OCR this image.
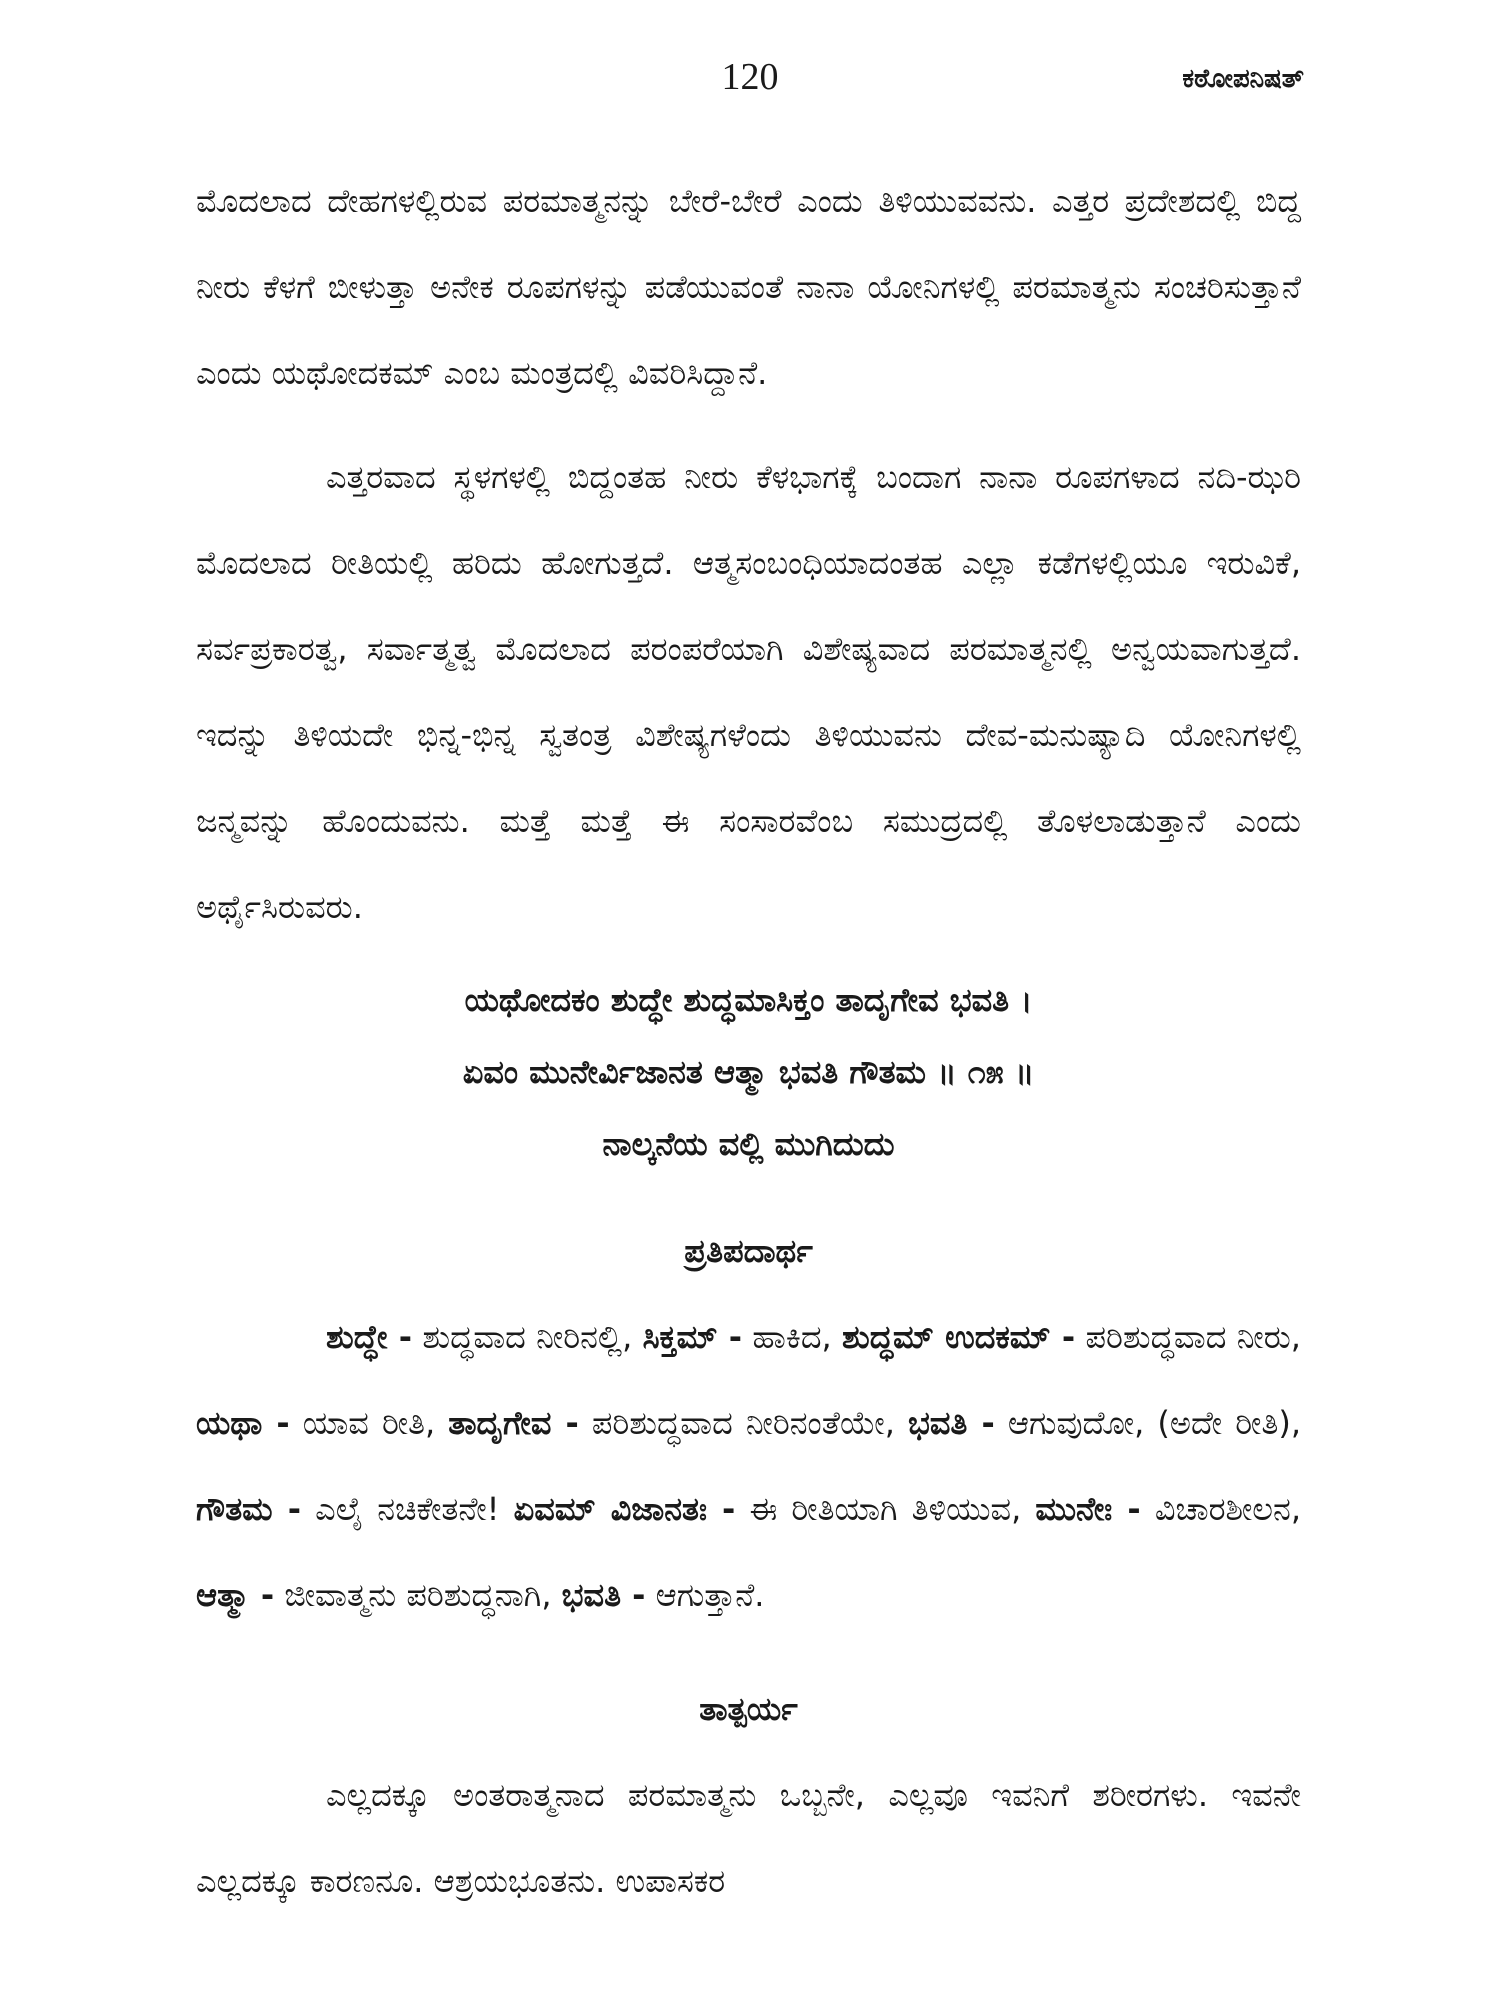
120	ಕಠೋಪನಿಷತ್

ಮೊದಲಾದ ದೇಹಗಳಲ್ಲಿರುವ ಪರಮಾತ್ಮನನ್ನು ಬೇರೆ-ಬೇರೆ ಎಂದು ತಿಳಿಯುವವನು. ಎತ್ತರ ಪ್ರದೇಶದಲ್ಲಿ ಬಿದ್ದ ನೀರು ಕೆಳಗೆ ಬೀಳುತ್ತಾ ಅನೇಕ ರೂಪಗಳನ್ನು ಪಡೆಯುವಂತೆ ನಾನಾ ಯೋನಿಗಳಲ್ಲಿ ಪರಮಾತ್ಮನು ಸಂಚರಿಸುತ್ತಾನೆ ಎಂದು ಯಥೋದಕಮ್ ಎಂಬ ಮಂತ್ರದಲ್ಲಿ ವಿವರಿಸಿದ್ದಾನೆ.

ಎತ್ತರವಾದ ಸ್ಥಳಗಳಲ್ಲಿ ಬಿದ್ದಂತಹ ನೀರು ಕೆಳಭಾಗಕ್ಕೆ ಬಂದಾಗ ನಾನಾ ರೂಪಗಳಾದ ನದಿ-ಝರಿ ಮೊದಲಾದ ರೀತಿಯಲ್ಲಿ ಹರಿದು ಹೋಗುತ್ತದೆ. ಆತ್ಮಸಂಬಂಧಿಯಾದಂತಹ ಎಲ್ಲಾ ಕಡೆಗಳಲ್ಲಿಯೂ ಇರುವಿಕೆ, ಸರ್ವಪ್ರಕಾರತ್ವ, ಸರ್ವಾತ್ಮತ್ವ ಮೊದಲಾದ ಪರಂಪರೆಯಾಗಿ ವಿಶೇಷ್ಯವಾದ ಪರಮಾತ್ಮನಲ್ಲಿ ಅನ್ವಯವಾಗುತ್ತದೆ. ಇದನ್ನು ತಿಳಿಯದೇ ಭಿನ್ನ-ಭಿನ್ನ ಸ್ವತಂತ್ರ ವಿಶೇಷ್ಯಗಳೆಂದು ತಿಳಿಯುವನು ದೇವ-ಮನುಷ್ಯಾದಿ ಯೋನಿಗಳಲ್ಲಿ ಜನ್ಮವನ್ನು ಹೊಂದುವನು. ಮತ್ತೆ ಮತ್ತೆ ಈ ಸಂಸಾರವೆಂಬ ಸಮುದ್ರದಲ್ಲಿ ತೊಳಲಾಡುತ್ತಾನೆ ಎಂದು ಅರ್ಥೈಸಿರುವರು.

ಯಥೋದಕಂ ಶುದ್ಧೇ ಶುದ್ಧಮಾಸಿಕ್ತಂ ತಾದೃಗೇವ ಭವತಿ ।
ಏವಂ ಮುನೇರ್ವಿಜಾನತ ಆತ್ಮಾ ಭವತಿ ಗೌತಮ ॥ ೧೫ ॥
ನಾಲ್ಕನೆಯ ವಲ್ಲಿ ಮುಗಿದುದು
ಪ್ರತಿಪದಾರ್ಥ

ಶುದ್ಧೇ - ಶುದ್ಧವಾದ ನೀರಿನಲ್ಲಿ, ಸಿಕ್ತಮ್ - ಹಾಕಿದ, ಶುದ್ಧಮ್ ಉದಕಮ್ - ಪರಿಶುದ್ಧವಾದ ನೀರು, ಯಥಾ - ಯಾವ ರೀತಿ, ತಾದೃಗೇವ - ಪರಿಶುದ್ಧವಾದ ನೀರಿನಂತೆಯೇ, ಭವತಿ - ಆಗುವುದೋ, (ಅದೇ ರೀತಿ), ಗೌತಮ - ಎಲೈ ನಚಿಕೇತನೇ! ಏವಮ್ ವಿಜಾನತಃ - ಈ ರೀತಿಯಾಗಿ ತಿಳಿಯುವ, ಮುನೇಃ - ವಿಚಾರಶೀಲನ, ಆತ್ಮಾ - ಜೀವಾತ್ಮನು ಪರಿಶುದ್ಧನಾಗಿ, ಭವತಿ - ಆಗುತ್ತಾನೆ.

ತಾತ್ಪರ್ಯ

ಎಲ್ಲದಕ್ಕೂ ಅಂತರಾತ್ಮನಾದ ಪರಮಾತ್ಮನು ಒಬ್ಬನೇ, ಎಲ್ಲವೂ ಇವನಿಗೆ ಶರೀರಗಳು. ಇವನೇ ಎಲ್ಲದಕ್ಕೂ ಕಾರಣನೂ. ಆಶ್ರಯಭೂತನು. ಉಪಾಸಕರ
